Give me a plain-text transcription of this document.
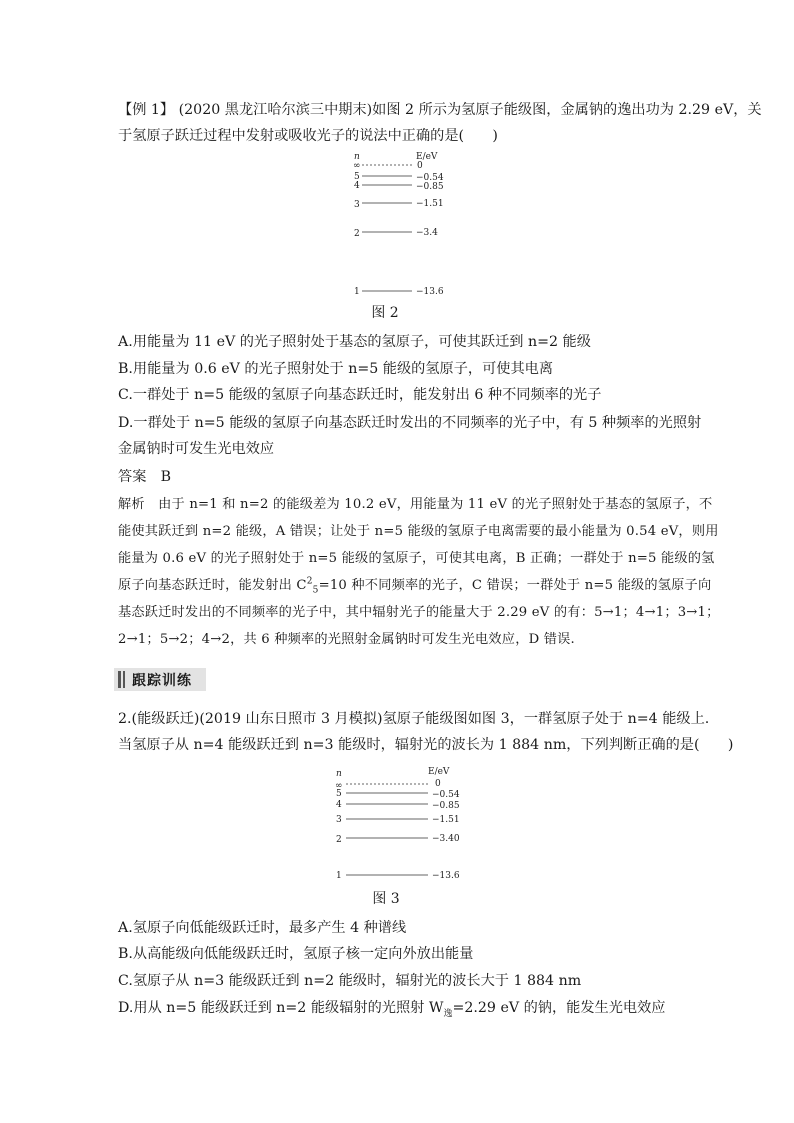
【例 1】 (2020 黑龙江哈尔滨三中期末)如图 2 所示为氢原子能级图，金属钠的逸出功为 2.29 eV，关
于氢原子跃迁过程中发射或吸收光子的说法中正确的是(　　)
n	E/eV
∞	0
5	−0.54
4	−0.85
3	−1.51
2	−3.4
1	−13.6
图 2
A.用能量为 11 eV 的光子照射处于基态的氢原子，可使其跃迁到 n=2 能级
B.用能量为 0.6 eV 的光子照射处于 n=5 能级的氢原子，可使其电离
C.一群处于 n=5 能级的氢原子向基态跃迁时，能发射出 6 种不同频率的光子
D.一群处于 n=5 能级的氢原子向基态跃迁时发出的不同频率的光子中，有 5 种频率的光照射
金属钠时可发生光电效应
答案　B
解析　由于 n=1 和 n=2 的能级差为 10.2 eV，用能量为 11 eV 的光子照射处于基态的氢原子，不
能使其跃迁到 n=2 能级，A 错误；让处于 n=5 能级的氢原子电离需要的最小能量为 0.54 eV，则用
能量为 0.6 eV 的光子照射处于 n=5 能级的氢原子，可使其电离，B 正确；一群处于 n=5 能级的氢
原子向基态跃迁时，能发射出 $C^2_5=10$ 种不同频率的光子，C 错误；一群处于 n=5 能级的氢原子向
基态跃迁时发出的不同频率的光子中，其中辐射光子的能量大于 2.29 eV 的有：5→1；4→1；3→1；
2→1；5→2；4→2，共 6 种频率的光照射金属钠时可发生光电效应，D 错误.
跟踪训练
2.(能级跃迁)(2019 山东日照市 3 月模拟)氢原子能级图如图 3，一群氢原子处于 n=4 能级上.
当氢原子从 n=4 能级跃迁到 n=3 能级时，辐射光的波长为 1 884 nm，下列判断正确的是(　　)
n	E/eV
∞	0
5	−0.54
4	−0.85
3	−1.51
2	−3.40
1	−13.6
图 3
A.氢原子向低能级跃迁时，最多产生 4 种谱线
B.从高能级向低能级跃迁时，氢原子核一定向外放出能量
C.氢原子从 n=3 能级跃迁到 n=2 能级时，辐射光的波长大于 1 884 nm
D.用从 n=5 能级跃迁到 n=2 能级辐射的光照射 $W_逸=2.29$ eV 的钠，能发生光电效应
